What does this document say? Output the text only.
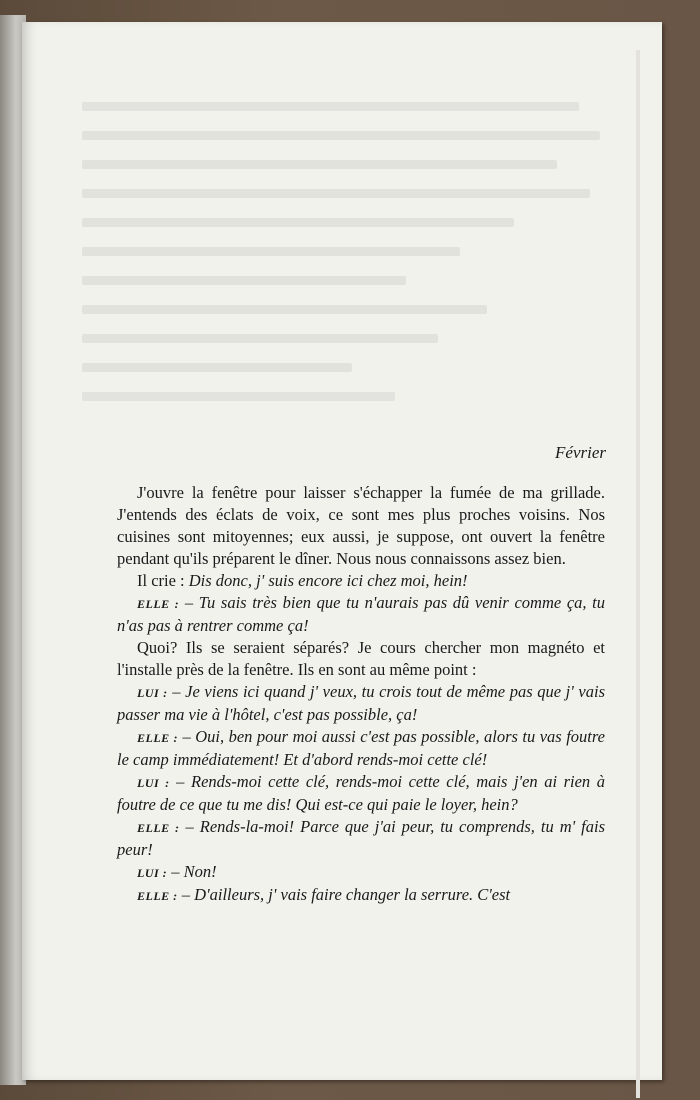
Février

J'ouvre la fenêtre pour laisser s'échapper la fumée de ma grillade. J'entends des éclats de voix, ce sont mes plus proches voisins. Nos cuisines sont mitoyennes; eux aussi, je suppose, ont ouvert la fenêtre pendant qu'ils préparent le dîner. Nous nous connaissons assez bien.

Il crie : Dis donc, j' suis encore ici chez moi, hein!

ELLE : – Tu sais très bien que tu n'aurais pas dû venir comme ça, tu n'as pas à rentrer comme ça!

Quoi? Ils se seraient séparés? Je cours chercher mon magnéto et l'installe près de la fenêtre. Ils en sont au même point :

LUI : – Je viens ici quand j' veux, tu crois tout de même pas que j' vais passer ma vie à l'hôtel, c'est pas possible, ça!

ELLE : – Oui, ben pour moi aussi c'est pas possible, alors tu vas foutre le camp immédiatement! Et d'abord rends-moi cette clé!

LUI : – Rends-moi cette clé, rends-moi cette clé, mais j'en ai rien à foutre de ce que tu me dis! Qui est-ce qui paie le loyer, hein?

ELLE : – Rends-la-moi! Parce que j'ai peur, tu comprends, tu m' fais peur!

LUI : – Non!

ELLE : – D'ailleurs, j' vais faire changer la serrure. C'est
